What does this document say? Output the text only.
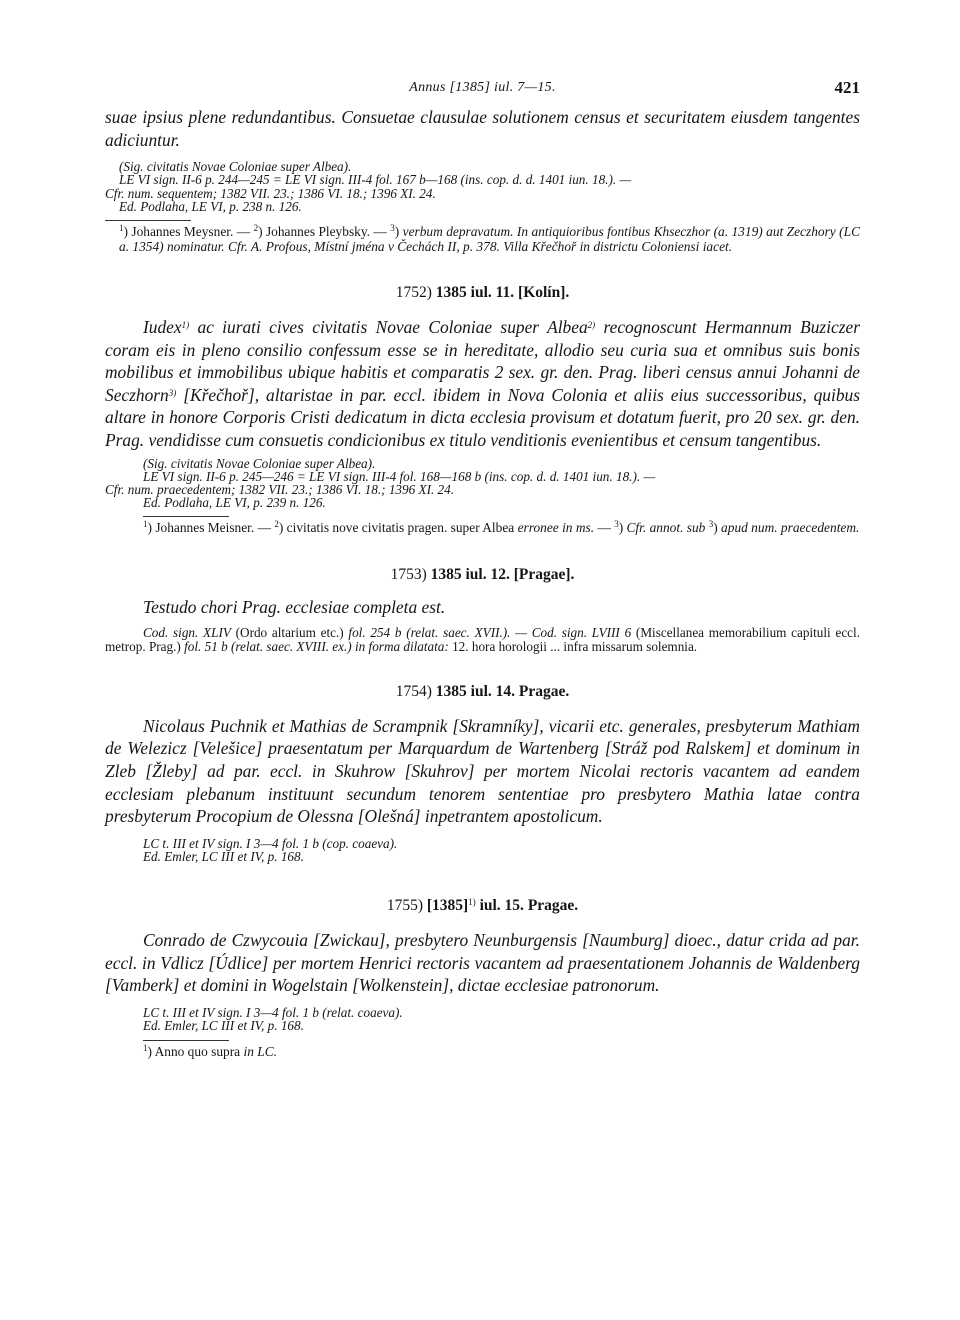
Annus [1385] iul. 7—15.	421

suae ipsius plene redundantibus. Consuetae clausulae solutionem census et securitatem eiusdem tangentes adiciuntur.

(Sig. civitatis Novae Coloniae super Albea).

LE VI sign. II-6 p. 244—245 = LE VI sign. III-4 fol. 167 b—168 (ins. cop. d. d. 1401 iun. 18.). —

Cfr. num. sequentem; 1382 VII. 23.; 1386 VI. 18.; 1396 XI. 24.

Ed. Podlaha, LE VI, p. 238 n. 126.

$^1$) Johannes Meysner. — $^2$) Johannes Pleybsky. — $^3$) verbum depravatum. In antiquioribus fontibus Khseczhor (a. 1319) aut Zeczhory (LC a. 1354) nominatur. Cfr. A. Profous, Místní jména v Čechách II, p. 378. Villa Křečhoř in districtu Coloniensi iacet.

1752) 1385 iul. 11. [Kolín].

Iudex$^{1)}$ ac iurati cives civitatis Novae Coloniae super Albea$^{2)}$ recognoscunt Hermannum Buziczer coram eis in pleno consilio confessum esse se in hereditate, allodio seu curia sua et omnibus suis bonis mobilibus et immobilibus ubique habitis et comparatis 2 sex. gr. den. Prag. liberi census annui Johanni de Seczhorn$^{3)}$ [Křečhoř], altaristae in par. eccl. ibidem in Nova Colonia et aliis eius successoribus, quibus altare in honore Corporis Cristi dedicatum in dicta ecclesia provisum et dotatum fuerit, pro 20 sex. gr. den. Prag. vendidisse cum consuetis condicionibus ex titulo venditionis evenientibus et censum tangentibus.

(Sig. civitatis Novae Coloniae super Albea).

LE VI sign. II-6 p. 245—246 = LE VI sign. III-4 fol. 168—168 b (ins. cop. d. d. 1401 iun. 18.). —

Cfr. num. praecedentem; 1382 VII. 23.; 1386 VI. 18.; 1396 XI. 24.

Ed. Podlaha, LE VI, p. 239 n. 126.

$^1$) Johannes Meisner. — $^2$) civitatis nove civitatis pragen. super Albea erronee in ms. — $^3$) Cfr. annot. sub $^3$) apud num. praecedentem.

1753) 1385 iul. 12. [Pragae].

Testudo chori Prag. ecclesiae completa est.

Cod. sign. XLIV (Ordo altarium etc.) fol. 254 b (relat. saec. XVII.). — Cod. sign. LVIII 6 (Miscellanea memorabilium capituli eccl. metrop. Prag.) fol. 51 b (relat. saec. XVIII. ex.) in forma dilatata: 12. hora horologii ... infra missarum solemnia.

1754) 1385 iul. 14. Pragae.

Nicolaus Puchnik et Mathias de Scrampnik [Skramníky], vicarii etc. generales, presbyterum Mathiam de Welezicz [Velešice] praesentatum per Marquardum de Wartenberg [Stráž pod Ralskem] et dominum in Zleb [Žleby] ad par. eccl. in Skuhrow [Skuhrov] per mortem Nicolai rectoris vacantem ad eandem ecclesiam plebanum instituunt secundum tenorem sententiae pro presbytero Mathia latae contra presbyterum Procopium de Olessna [Olešná] inpetrantem apostolicum.

LC t. III et IV sign. I 3—4 fol. 1 b (cop. coaeva).

Ed. Emler, LC III et IV, p. 168.

1755) $[1385]^{1)}$ iul. 15. Pragae.

Conrado de Czwycouia [Zwickau], presbytero Neunburgensis [Naumburg] dioec., datur crida ad par. eccl. in Vdlicz [Údlice] per mortem Henrici rectoris vacantem ad praesentationem Johannis de Waldenberg [Vamberk] et domini in Wogelstain [Wolkenstein], dictae ecclesiae patronorum.

LC t. III et IV sign. I 3—4 fol. 1 b (relat. coaeva).

Ed. Emler, LC III et IV, p. 168.

$^1$) Anno quo supra in LC.
